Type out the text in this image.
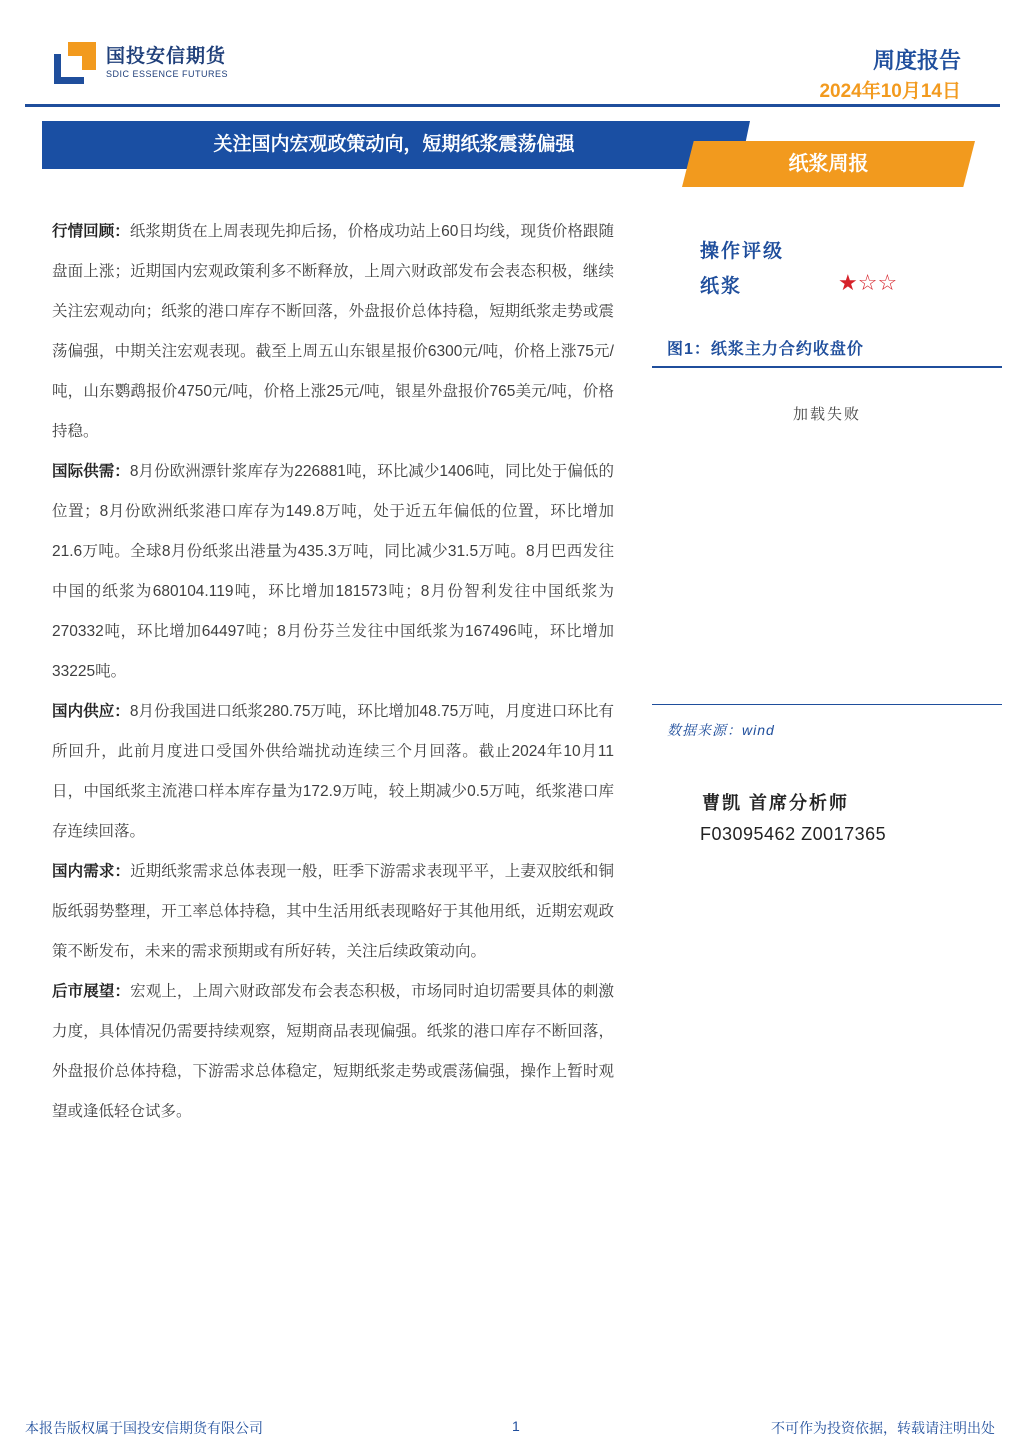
国投安信期货
SDIC ESSENCE FUTURES
周度报告
2024年10月14日
关注国内宏观政策动向，短期纸浆震荡偏强
纸浆周报

行情回顾：纸浆期货在上周表现先抑后扬，价格成功站上60日均线，现货价格跟随盘面上涨；近期国内宏观政策利多不断释放，上周六财政部发布会表态积极，继续关注宏观动向；纸浆的港口库存不断回落，外盘报价总体持稳，短期纸浆走势或震荡偏强，中期关注宏观表现。截至上周五山东银星报价6300元/吨，价格上涨75元/吨，山东鹦鹉报价4750元/吨，价格上涨25元/吨，银星外盘报价765美元/吨，价格持稳。

国际供需：8月份欧洲漂针浆库存为226881吨，环比减少1406吨，同比处于偏低的位置；8月份欧洲纸浆港口库存为149.8万吨，处于近五年偏低的位置，环比增加21.6万吨。全球8月份纸浆出港量为435.3万吨，同比减少31.5万吨。8月巴西发往中国的纸浆为680104.119吨，环比增加181573吨；8月份智利发往中国纸浆为270332吨，环比增加64497吨；8月份芬兰发往中国纸浆为167496吨，环比增加33225吨。

国内供应：8月份我国进口纸浆280.75万吨，环比增加48.75万吨，月度进口环比有所回升，此前月度进口受国外供给端扰动连续三个月回落。截止2024年10月11日，中国纸浆主流港口样本库存量为172.9万吨，较上期减少0.5万吨，纸浆港口库存连续回落。

国内需求：近期纸浆需求总体表现一般，旺季下游需求表现平平，上妻双胶纸和铜版纸弱势整理，开工率总体持稳，其中生活用纸表现略好于其他用纸，近期宏观政策不断发布，未来的需求预期或有所好转，关注后续政策动向。

后市展望：宏观上，上周六财政部发布会表态积极，市场同时迫切需要具体的刺激力度，具体情况仍需要持续观察，短期商品表现偏强。纸浆的港口库存不断回落，外盘报价总体持稳，下游需求总体稳定，短期纸浆走势或震荡偏强，操作上暂时观望或逢低轻仓试多。

操作评级
纸浆	★☆☆
图1：纸浆主力合约收盘价
加载失败
数据来源：wind
曹凯 首席分析师
F03095462 Z0017365
本报告版权属于国投安信期货有限公司	1	不可作为投资依据，转载请注明出处
